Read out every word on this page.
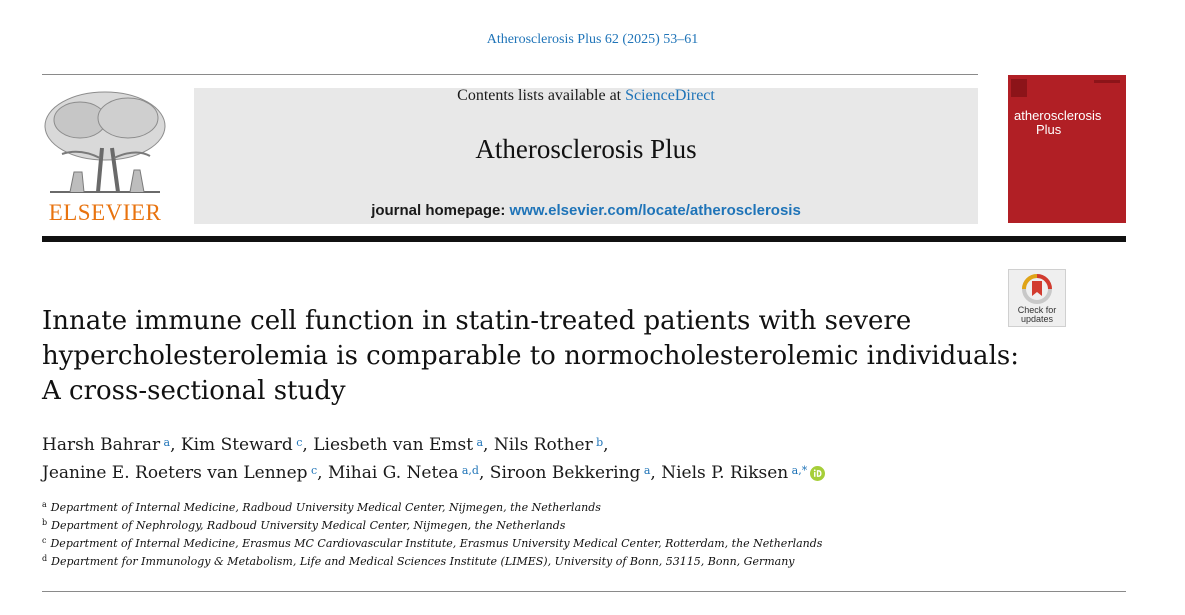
Atherosclerosis Plus 62 (2025) 53–61
ELSEVIER
Contents lists available at ScienceDirect
Atherosclerosis Plus
journal homepage: www.elsevier.com/locate/atherosclerosis
atherosclerosis
Plus
Check for
updates
Innate immune cell function in statin-treated patients with severe
hypercholesterolemia is comparable to normocholesterolemic individuals:
A cross-sectional study
Harsh Bahrar  $^a$, Kim Steward  $^c$, Liesbeth van Emst  $^a$, Nils Rother  $^b$,
Jeanine E. Roeters van Lennep  $^c$, Mihai G. Netea  $^{a,d}$, Siroon Bekkering  $^a$, Niels P. Riksen  $^{a,*}$
$^a$ Department of Internal Medicine, Radboud University Medical Center, Nijmegen, the Netherlands
$^b$ Department of Nephrology, Radboud University Medical Center, Nijmegen, the Netherlands
$^c$ Department of Internal Medicine, Erasmus MC Cardiovascular Institute, Erasmus University Medical Center, Rotterdam, the Netherlands
$^d$ Department for Immunology & Metabolism, Life and Medical Sciences Institute (LIMES), University of Bonn, 53115, Bonn, Germany
